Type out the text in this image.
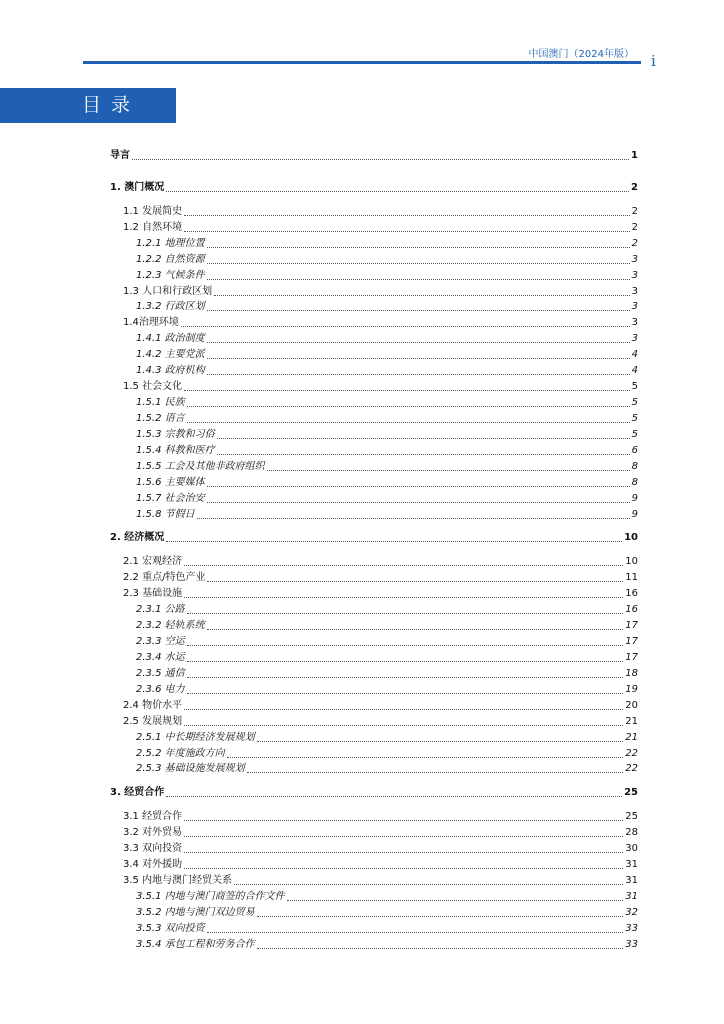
中国澳门（2024年版） i
目 录
导言	1
1. 澳门概况	2
1.1 发展简史	2
1.2 自然环境	2
1.2.1 地理位置	2
1.2.2 自然资源	3
1.2.3 气候条件	3
1.3 人口和行政区划	3
1.3.2 行政区划	3
1.4治理环境	3
1.4.1 政治制度	3
1.4.2 主要党派	4
1.4.3 政府机构	4
1.5 社会文化	5
1.5.1 民族	5
1.5.2 语言	5
1.5.3 宗教和习俗	5
1.5.4 科教和医疗	6
1.5.5 工会及其他非政府组织	8
1.5.6 主要媒体	8
1.5.7 社会治安	9
1.5.8 节假日	9
2. 经济概况	10
2.1 宏观经济	10
2.2 重点/特色产业	11
2.3 基础设施	16
2.3.1 公路	16
2.3.2 轻轨系统	17
2.3.3 空运	17
2.3.4 水运	17
2.3.5 通信	18
2.3.6 电力	19
2.4 物价水平	20
2.5 发展规划	21
2.5.1 中长期经济发展规划	21
2.5.2 年度施政方向	22
2.5.3 基础设施发展规划	22
3. 经贸合作	25
3.1 经贸合作	25
3.2 对外贸易	28
3.3 双向投资	30
3.4 对外援助	31
3.5 内地与澳门经贸关系	31
3.5.1 内地与澳门商签的合作文件	31
3.5.2 内地与澳门双边贸易	32
3.5.3 双向投资	33
3.5.4 承包工程和劳务合作	33
